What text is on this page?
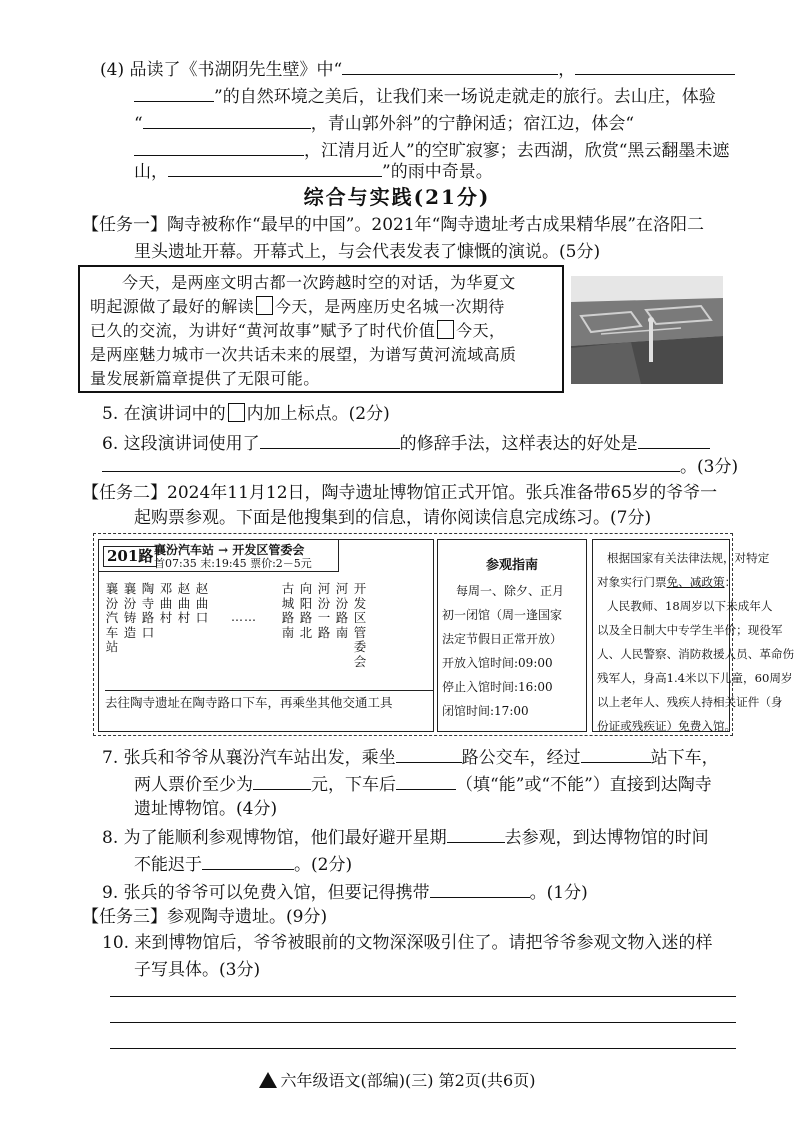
(4) 品读了《书湖阴先生壁》中“	，
”的自然环境之美后，让我们来一场说走就走的旅行。去山庄，体验
“	，青山郭外斜”的宁静闲适；宿江边，体会“
，江清月近人”的空旷寂寥；去西湖，欣赏“黑云翻墨未遮
山，	”的雨中奇景。
综合与实践(21分)
【任务一】陶寺被称作“最早的中国”。2021年“陶寺遗址考古成果精华展”在洛阳二
里头遗址开幕。开幕式上，与会代表发表了慷慨的演说。(5分)
今天，是两座文明古都一次跨越时空的对话，为华夏文
明起源做了最好的解读 今天，是两座历史名城一次期待
已久的交流，为讲好“黄河故事”赋予了时代价值 今天，
是两座魅力城市一次共话未来的展望，为谱写黄河流域高质
量发展新篇章提供了无限可能。
5. 在演讲词中的 内加上标点。(2分)
6. 这段演讲词使用了	的修辞手法，这样表达的好处是
。(3分)
【任务二】2024年11月12日，陶寺遗址博物馆正式开馆。张兵准备带65岁的爷爷一
起购票参观。下面是他搜集到的信息，请你阅读信息完成练习。(7分)
201路 襄汾汽车站 → 开发区管委会
首07:35 末:19:45 票价:2－5元
襄汾汽车站
襄汾铸造
陶寺路口
邓曲村
赵曲村
赵曲口 ……
古城路南
向阳路北
河汾一路
河汾路南
开发区管委会
去往陶寺遗址在陶寺路口下车，再乘坐其他交通工具
参观指南
每周一、除夕、正月
初一闭馆（周一逢国家
法定节假日正常开放）
开放入馆时间:09:00
停止入馆时间:16:00
闭馆时间:17:00
根据国家有关法律法规，对特定
对象实行门票免、减政策：
人民教师、18周岁以下未成年人
以及全日制大中专学生半价；现役军
人、人民警察、消防救援人员、革命伤
残军人，身高1.4米以下儿童，60周岁
以上老年人、残疾人持相关证件（身
份证或残疾证）免费入馆。
7. 张兵和爷爷从襄汾汽车站出发，乘坐	路公交车，经过	站下车，
两人票价至少为	元，下车后	（填“能”或“不能”）直接到达陶寺
遗址博物馆。(4分)
8. 为了能顺利参观博物馆，他们最好避开星期	去参观，到达博物馆的时间
不能迟于	。(2分)
9. 张兵的爷爷可以免费入馆，但要记得携带	。(1分)
【任务三】参观陶寺遗址。(9分)
10. 来到博物馆后，爷爷被眼前的文物深深吸引住了。请把爷爷参观文物入迷的样
子写具体。(3分)
六年级语文(部编)(三) 第2页(共6页)
